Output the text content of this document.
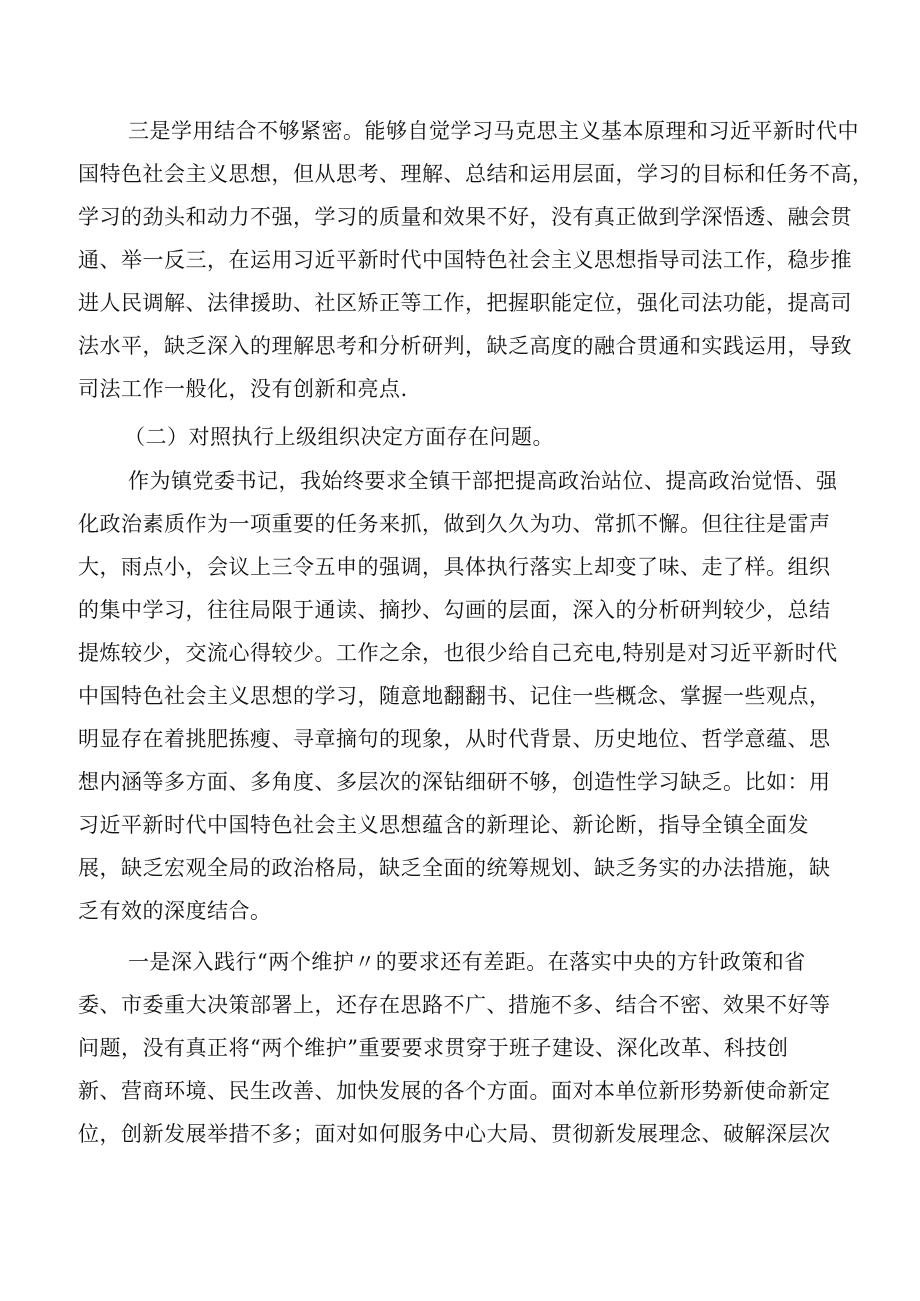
三是学用结合不够紧密。能够自觉学习马克思主义基本原理和习近平新时代中
国特色社会主义思想，但从思考、理解、总结和运用层面，学习的目标和任务不高，
学习的劲头和动力不强，学习的质量和效果不好，没有真正做到学深悟透、融会贯
通、举一反三，在运用习近平新时代中国特色社会主义思想指导司法工作，稳步推
进人民调解、法律援助、社区矫正等工作，把握职能定位，强化司法功能，提高司
法水平，缺乏深入的理解思考和分析研判，缺乏高度的融合贯通和实践运用，导致
司法工作一般化，没有创新和亮点.
（二）对照执行上级组织决定方面存在问题。
作为镇党委书记，我始终要求全镇干部把提高政治站位、提高政治觉悟、强
化政治素质作为一项重要的任务来抓，做到久久为功、常抓不懈。但往往是雷声
大，雨点小，会议上三令五申的强调，具体执行落实上却变了味、走了样。组织
的集中学习，往往局限于通读、摘抄、勾画的层面，深入的分析研判较少，总结
提炼较少，交流心得较少。工作之余，也很少给自己充电,特别是对习近平新时代
中国特色社会主义思想的学习，随意地翻翻书、记住一些概念、掌握一些观点，
明显存在着挑肥拣瘦、寻章摘句的现象，从时代背景、历史地位、哲学意蕴、思
想内涵等多方面、多角度、多层次的深钻细研不够，创造性学习缺乏。比如：用
习近平新时代中国特色社会主义思想蕴含的新理论、新论断，指导全镇全面发
展，缺乏宏观全局的政治格局，缺乏全面的统筹规划、缺乏务实的办法措施，缺
乏有效的深度结合。
一是深入践行“两个维护〃的要求还有差距。在落实中央的方针政策和省
委、市委重大决策部署上，还存在思路不广、措施不多、结合不密、效果不好等
问题，没有真正将“两个维护”重要要求贯穿于班子建设、深化改革、科技创
新、营商环境、民生改善、加快发展的各个方面。面对本单位新形势新使命新定
位，创新发展举措不多；面对如何服务中心大局、贯彻新发展理念、破解深层次
